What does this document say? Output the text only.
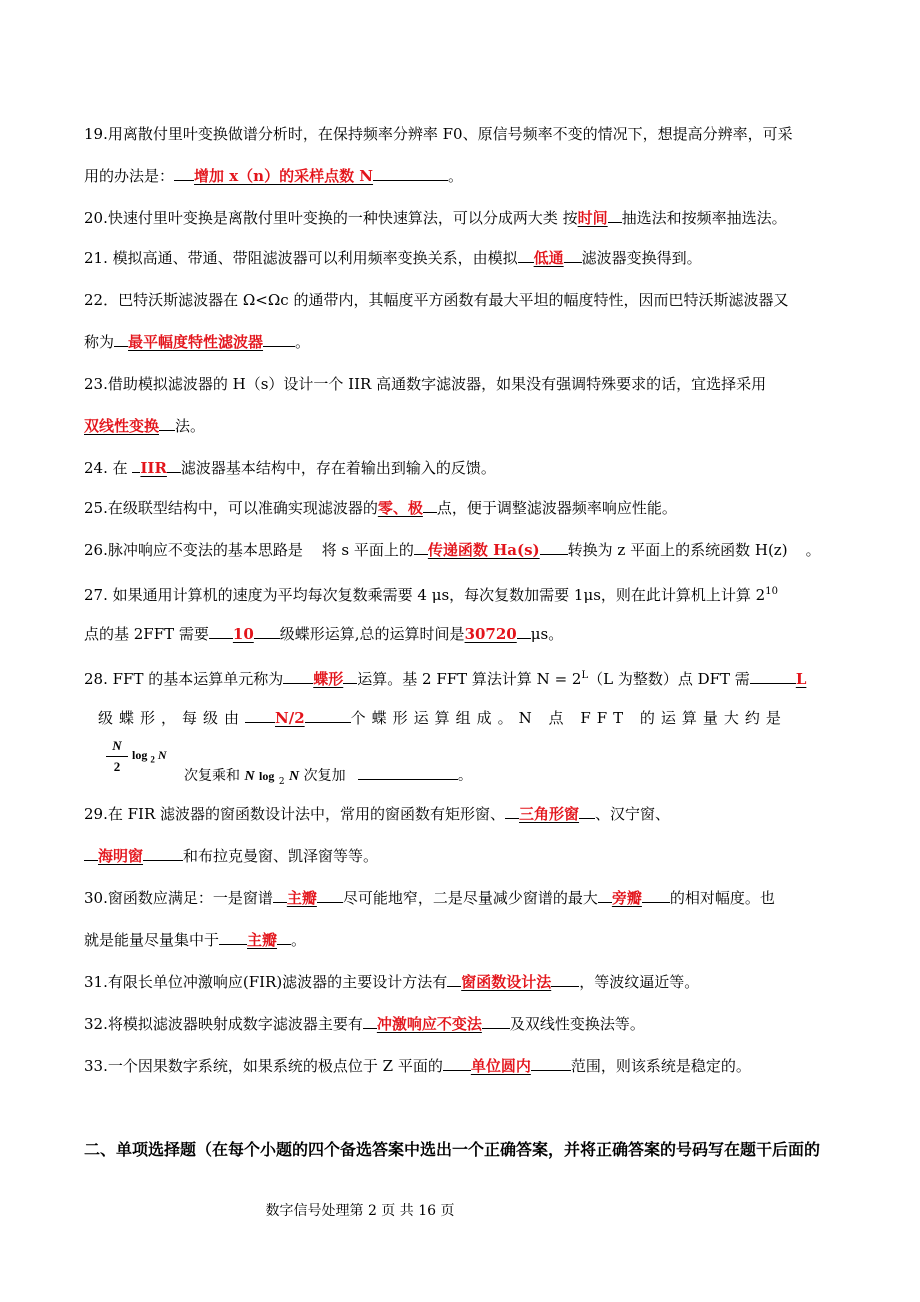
19.用离散付里叶变换做谱分析时，在保持频率分辨率 F0、原信号频率不变的情况下，想提高分辨率，可采
用的办法是： 增加 x（n）的采样点数 N	。
20.快速付里叶变换是离散付里叶变换的一种快速算法，可以分成两大类 按时间 抽选法和按频率抽选法。
21. 模拟高通、带通、带阻滤波器可以利用频率变换关系，由模拟 低通 滤波器变换得到。
22．巴特沃斯滤波器在 Ω<Ωc 的通带内，其幅度平方函数有最大平坦的幅度特性，因而巴特沃斯滤波器又
称为 最平幅度特性滤波器 。
23.借助模拟滤波器的 H（s）设计一个 IIR 高通数字滤波器，如果没有强调特殊要求的话，宜选择采用
双线性变换 法。
24. 在 IIR 滤波器基本结构中，存在着输出到输入的反馈。
25.在级联型结构中，可以准确实现滤波器的零、极 点，便于调整滤波器频率响应性能。
26.脉冲响应不变法的基本思路是 将 s 平面上的 传递函数 Ha(s) 转换为 z 平面上的系统函数 H(z) 。
27. 如果通用计算机的速度为平均每次复数乘需要 4 μs，每次复数加需要 1μs，则在此计算机上计算 $2^{10}$
点的基 2FFT 需要 10 级蝶形运算,总的运算时间是30720 μs。
28. FFT 的基本运算单元称为 蝶形 运算。基 2 FFT 算法计算 $N = 2^L(L$ 为整数）点 DFT 需	L
级蝶形，每级由 N/2	个蝶形运算组成。N 点 FFT 的运算量大约是
N
2
log $_2$ N
次复乘和 N log $_2$ N 次复加	。
29.在 FIR 滤波器的窗函数设计法中，常用的窗函数有矩形窗、 三角形窗 、汉宁窗、
海明窗	和布拉克曼窗、凯泽窗等等。
30.窗函数应满足：一是窗谱 主瓣 尽可能地窄，二是尽量减少窗谱的最大 旁瓣 的相对幅度。也
就是能量尽量集中于 主瓣 。
31.有限长单位冲激响应(FIR)滤波器的主要设计方法有 窗函数设计法 ，等波纹逼近等。
32.将模拟滤波器映射成数字滤波器主要有 冲激响应不变法 及双线性变换法等。
33.一个因果数字系统，如果系统的极点位于 Z 平面的 单位圆内	范围，则该系统是稳定的。
二、单项选择题（在每个小题的四个备选答案中选出一个正确答案，并将正确答案的号码写在题干后面的
数字信号处理第 2 页 共 16 页
